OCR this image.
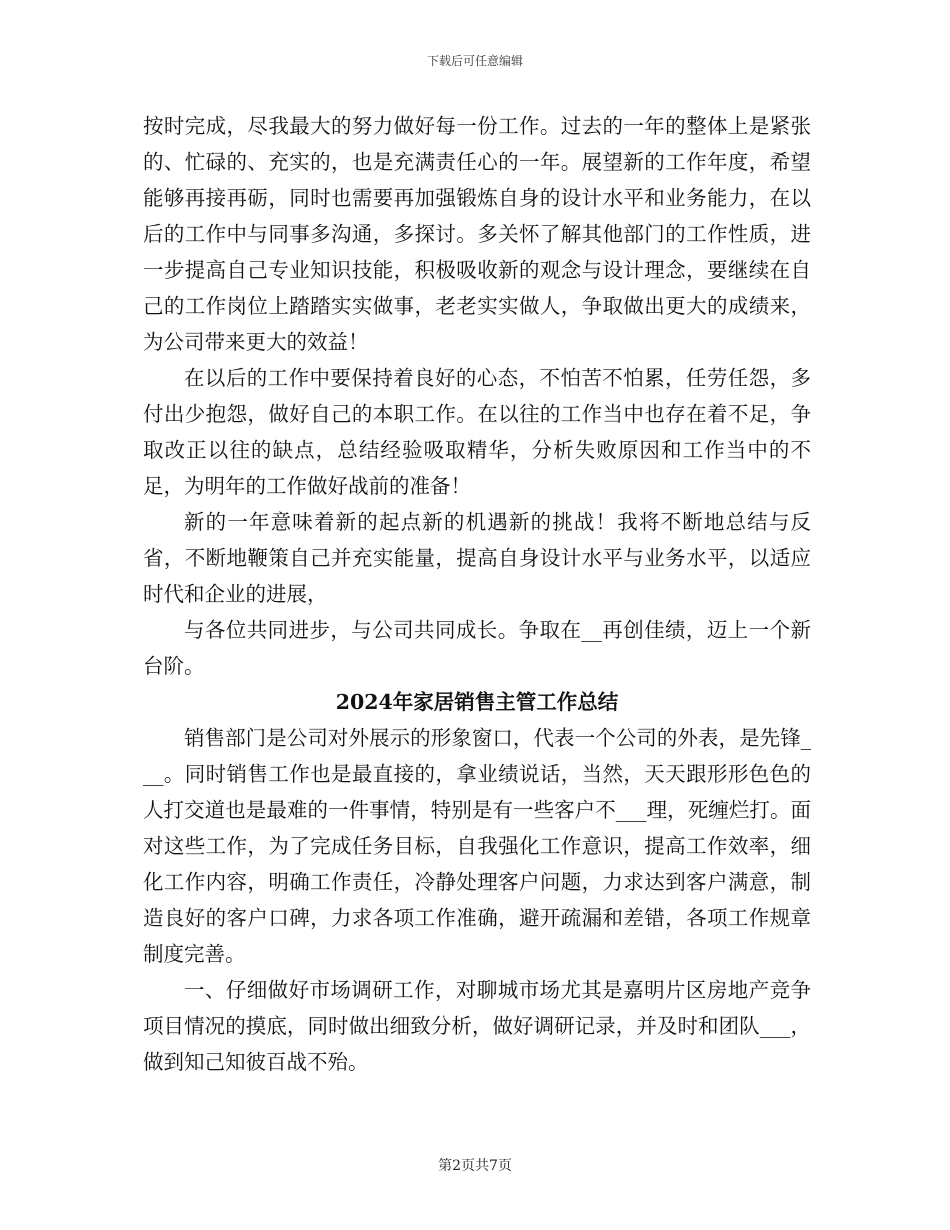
下载后可任意编辑

按时完成，尽我最大的努力做好每一份工作。过去的一年的整体上是紧张的、忙碌的、充实的，也是充满责任心的一年。展望新的工作年度，希望能够再接再砺，同时也需要再加强锻炼自身的设计水平和业务能力，在以后的工作中与同事多沟通，多探讨。多关怀了解其他部门的工作性质，进一步提高自己专业知识技能，积极吸收新的观念与设计理念，要继续在自己的工作岗位上踏踏实实做事，老老实实做人，争取做出更大的成绩来，为公司带来更大的效益！

在以后的工作中要保持着良好的心态，不怕苦不怕累，任劳任怨，多付出少抱怨，做好自己的本职工作。在以往的工作当中也存在着不足，争取改正以往的缺点，总结经验吸取精华，分析失败原因和工作当中的不足，为明年的工作做好战前的准备！

新的一年意味着新的起点新的机遇新的挑战！我将不断地总结与反省，不断地鞭策自己并充实能量，提高自身设计水平与业务水平，以适应时代和企业的进展，

与各位共同进步，与公司共同成长。争取在__再创佳绩，迈上一个新台阶。

2024年家居销售主管工作总结

销售部门是公司对外展示的形象窗口，代表一个公司的外表，是先锋___。同时销售工作也是最直接的，拿业绩说话，当然，天天跟形形色色的人打交道也是最难的一件事情，特别是有一些客户不___理，死缠烂打。面对这些工作，为了完成任务目标，自我强化工作意识，提高工作效率，细化工作内容，明确工作责任，冷静处理客户问题，力求达到客户满意，制造良好的客户口碑，力求各项工作准确，避开疏漏和差错，各项工作规章制度完善。

一、仔细做好市场调研工作，对聊城市场尤其是嘉明片区房地产竞争项目情况的摸底，同时做出细致分析，做好调研记录，并及时和团队___，做到知己知彼百战不殆。

第2页共7页
